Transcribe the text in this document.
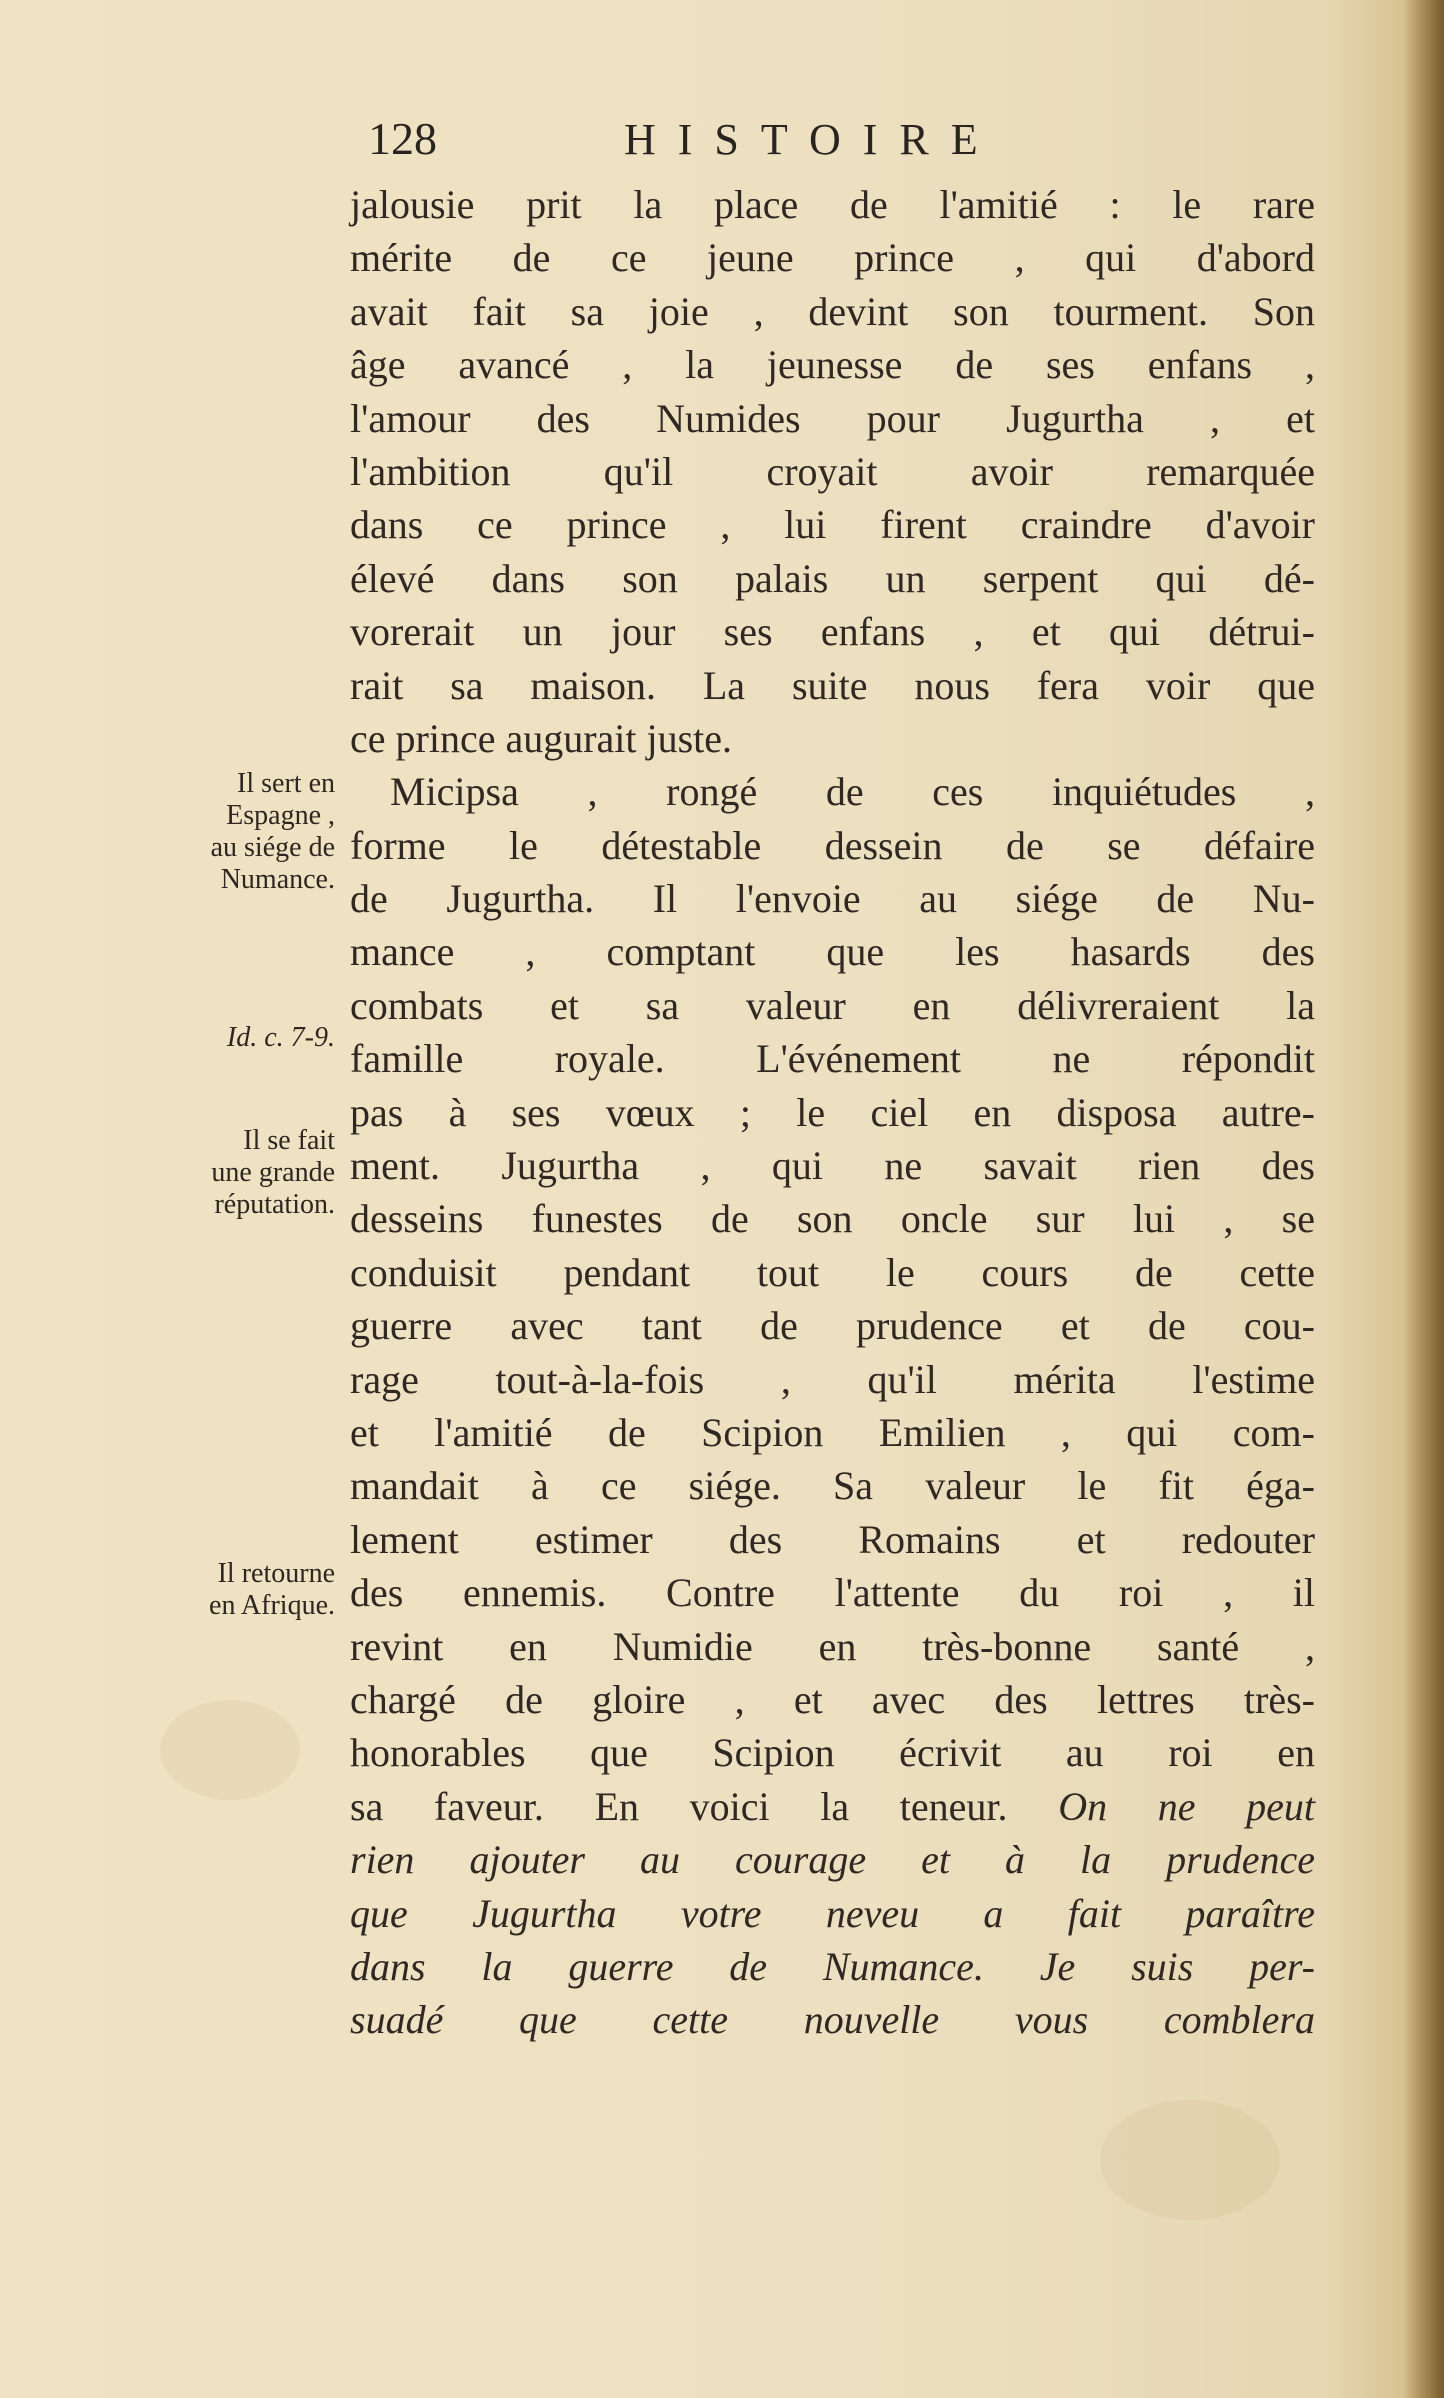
128	HISTOIRE
jalousie prit la place de l'amitié : le rare
mérite de ce jeune prince , qui d'abord
avait fait sa joie , devint son tourment. Son
âge avancé , la jeunesse de ses enfans ,
l'amour des Numides pour Jugurtha , et
l'ambition qu'il croyait avoir remarquée
dans ce prince , lui firent craindre d'avoir
élevé dans son palais un serpent qui dé-
vorerait un jour ses enfans , et qui détrui-
rait sa maison. La suite nous fera voir que
ce prince augurait juste.
Micipsa , rongé de ces inquiétudes ,
forme le détestable dessein de se défaire
de Jugurtha. Il l'envoie au siége de Nu-
mance , comptant que les hasards des
combats et sa valeur en délivreraient la
famille royale. L'événement ne répondit
pas à ses vœux ; le ciel en disposa autre-
ment. Jugurtha , qui ne savait rien des
desseins funestes de son oncle sur lui , se
conduisit pendant tout le cours de cette
guerre avec tant de prudence et de cou-
rage tout-à-la-fois , qu'il mérita l'estime
et l'amitié de Scipion Emilien , qui com-
mandait à ce siége. Sa valeur le fit éga-
lement estimer des Romains et redouter
des ennemis. Contre l'attente du roi , il
revint en Numidie en très-bonne santé ,
chargé de gloire , et avec des lettres très-
honorables que Scipion écrivit au roi en
sa faveur. En voici la teneur. On ne peut
rien ajouter au courage et à la prudence
que Jugurtha votre neveu a fait paraître
dans la guerre de Numance. Je suis per-
suadé que cette nouvelle vous comblera
Il sert en
Espagne ,
au siége de
Numance.
Id. c. 7-9.
Il se fait
une grande
réputation.
Il retourne
en Afrique.
